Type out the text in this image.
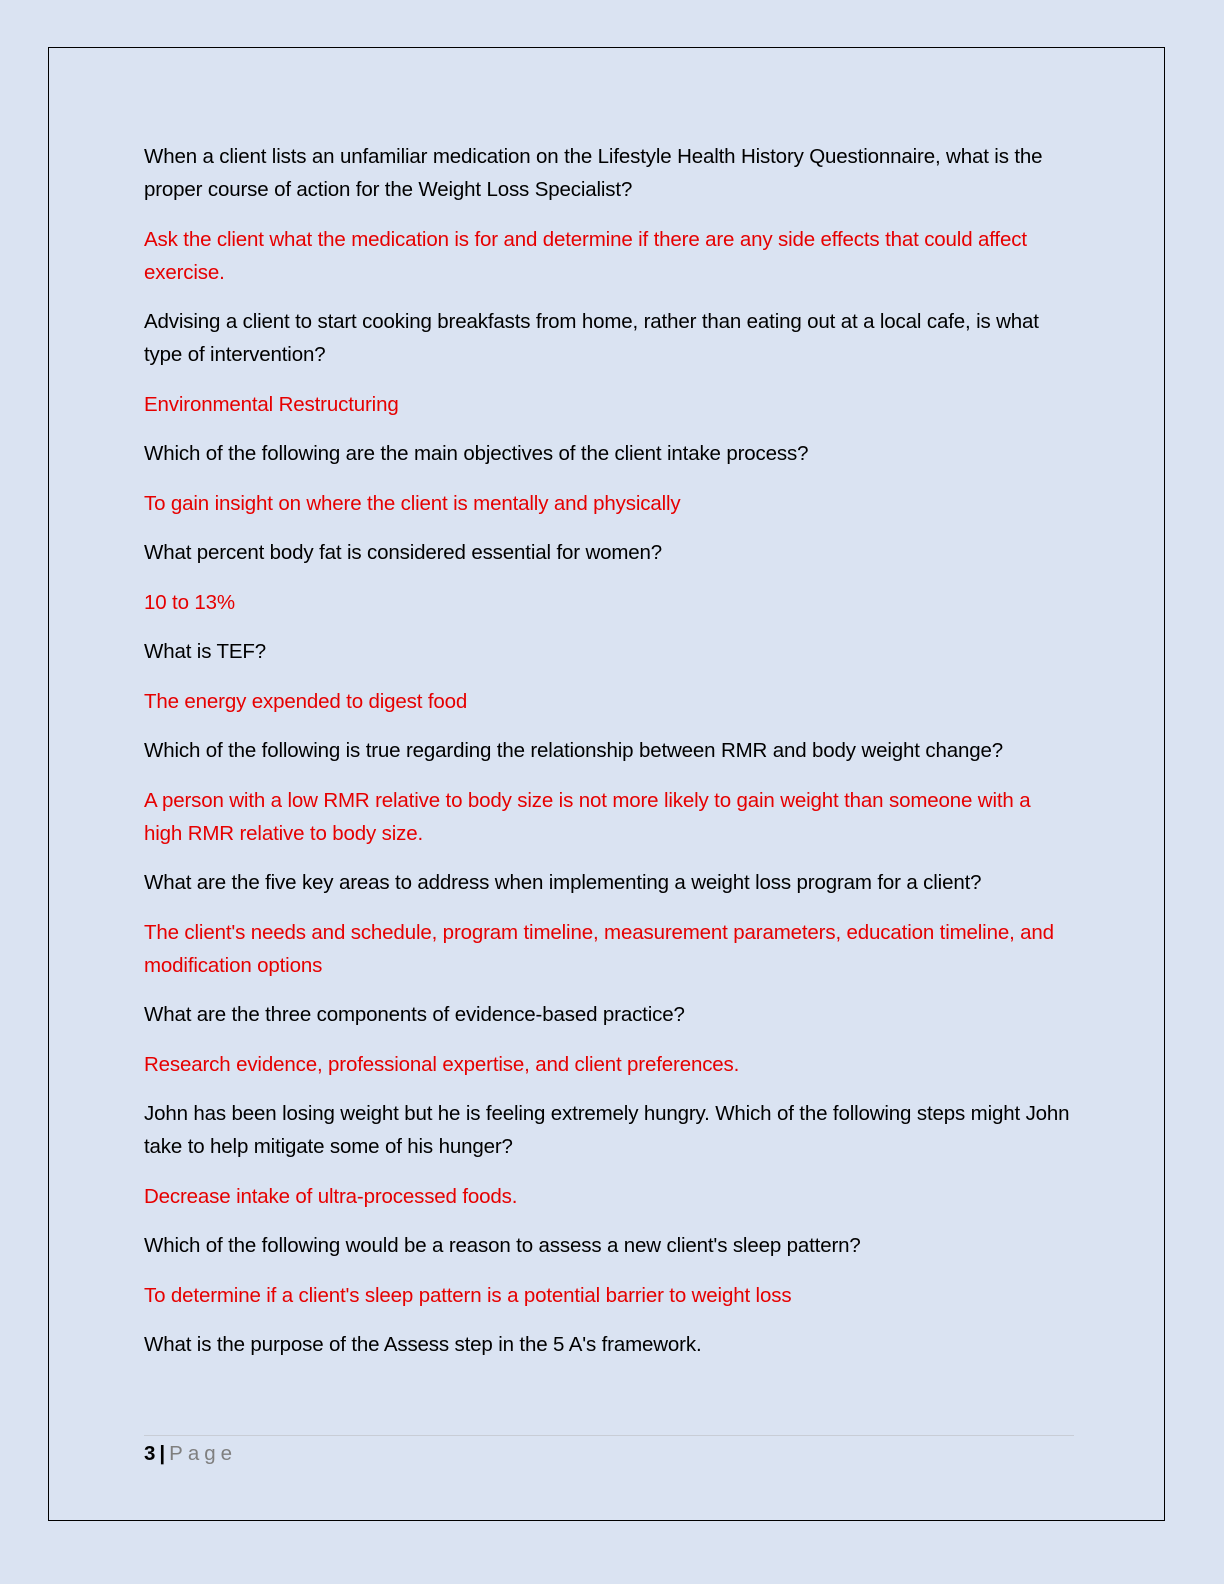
When a client lists an unfamiliar medication on the Lifestyle Health History Questionnaire, what is the proper course of action for the Weight Loss Specialist?

Ask the client what the medication is for and determine if there are any side effects that could affect exercise.

Advising a client to start cooking breakfasts from home, rather than eating out at a local cafe, is what type of intervention?

Environmental Restructuring

Which of the following are the main objectives of the client intake process?

To gain insight on where the client is mentally and physically

What percent body fat is considered essential for women?

10 to 13%

What is TEF?

The energy expended to digest food

Which of the following is true regarding the relationship between RMR and body weight change?

A person with a low RMR relative to body size is not more likely to gain weight than someone with a high RMR relative to body size.

What are the five key areas to address when implementing a weight loss program for a client?

The client's needs and schedule, program timeline, measurement parameters, education timeline, and modification options

What are the three components of evidence-based practice?

Research evidence, professional expertise, and client preferences.

John has been losing weight but he is feeling extremely hungry. Which of the following steps might John take to help mitigate some of his hunger?

Decrease intake of ultra-processed foods.

Which of the following would be a reason to assess a new client's sleep pattern?

To determine if a client's sleep pattern is a potential barrier to weight loss

What is the purpose of the Assess step in the 5 A's framework.

3 | Page
